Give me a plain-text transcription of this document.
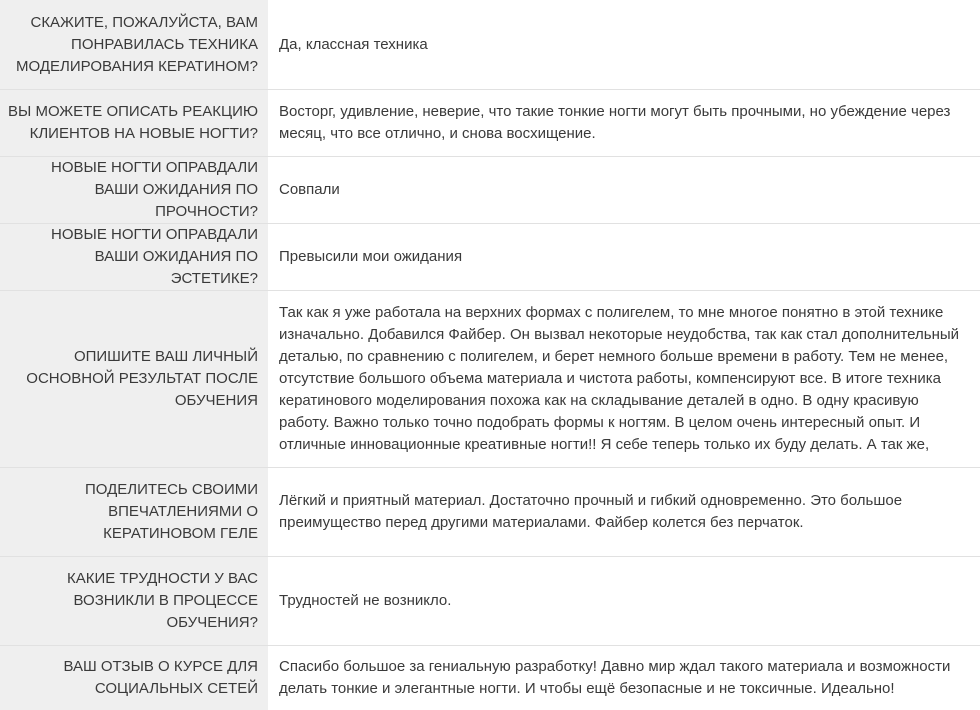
СКАЖИТЕ, ПОЖАЛУЙСТА, ВАМ ПОНРАВИЛАСЬ ТЕХНИКА МОДЕЛИРОВАНИЯ КЕРАТИНОМ?
Да, классная техника
ВЫ МОЖЕТЕ ОПИСАТЬ РЕАКЦИЮ КЛИЕНТОВ НА НОВЫЕ НОГТИ?
Восторг, удивление, неверие, что такие тонкие ногти могут быть прочными, но убеждение через месяц, что все отлично, и снова восхищение.
НОВЫЕ НОГТИ ОПРАВДАЛИ ВАШИ ОЖИДАНИЯ ПО ПРОЧНОСТИ?
Совпали
НОВЫЕ НОГТИ ОПРАВДАЛИ ВАШИ ОЖИДАНИЯ ПО ЭСТЕТИКЕ?
Превысили мои ожидания
ОПИШИТЕ ВАШ ЛИЧНЫЙ ОСНОВНОЙ РЕЗУЛЬТАТ ПОСЛЕ ОБУЧЕНИЯ
Так как я уже работала на верхних формах с полигелем, то мне многое понятно в этой технике изначально. Добавился Файбер. Он вызвал некоторые неудобства, так как стал дополнительный деталью, по сравнению с полигелем, и берет немного больше времени в работу. Тем не менее, отсутствие большого объема материала и чистота работы, компенсируют все. В итоге техника кератинового моделирования похожа как на складывание деталей в одно. В одну красивую работу. Важно только точно подобрать формы к ногтям. В целом очень интересный опыт. И отличные инновационные креативные ногти!! Я себе теперь только их буду делать. А так же,
ПОДЕЛИТЕСЬ СВОИМИ ВПЕЧАТЛЕНИЯМИ О КЕРАТИНОВОМ ГЕЛЕ
Лёгкий и приятный материал. Достаточно прочный и гибкий одновременно. Это большое преимущество перед другими материалами. Файбер колется без перчаток.
КАКИЕ ТРУДНОСТИ У ВАС ВОЗНИКЛИ В ПРОЦЕССЕ ОБУЧЕНИЯ?
Трудностей не возникло.
ВАШ ОТЗЫВ О КУРСЕ ДЛЯ СОЦИАЛЬНЫХ СЕТЕЙ
Спасибо большое за гениальную разработку! Давно мир ждал такого материала и возможности делать тонкие и элегантные ногти. И чтобы ещё безопасные и не токсичные. Идеально!
